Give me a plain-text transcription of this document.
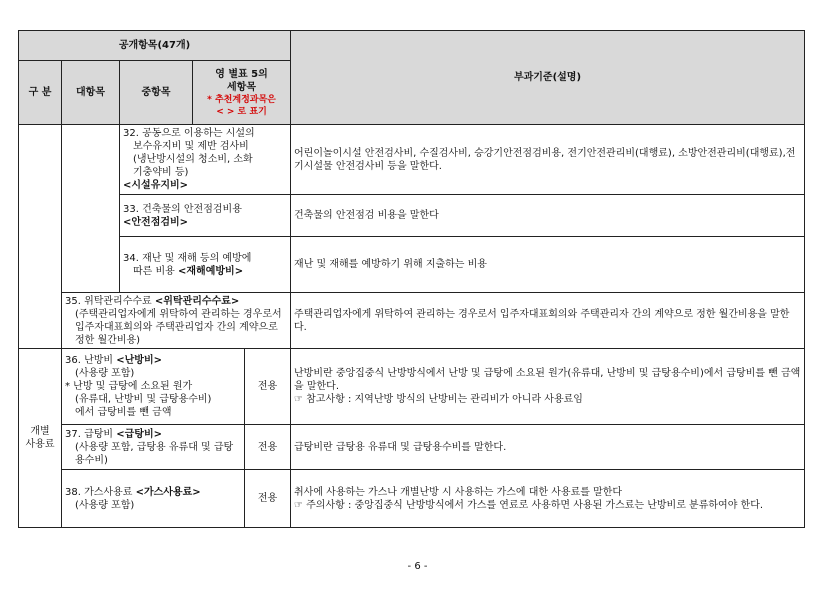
공개항목(47개)					부과기준(설명)
구 분	대항목	중항목	영 별표 5의
세항목
* 추천계정과목은
< > 로 표기		

		32. 공동으로 이용하는 시설의
보수유지비 및 제반 검사비
(냉난방시설의 청소비, 소화
기충약비 등)
<시설유지비>			어린이놀이시설 안전검사비, 수질검사비, 승강기안전점검비용, 전기안전관리비(대행료), 소방안전관리비(대행료),전기시설물 안전검사비 등을 말한다.

		33. 건축물의 안전점검비용
<안전점검비>			건축물의 안전점검 비용을 말한다

		34. 재난 및 재해 등의 예방에
따른 비용 <재해예방비>			재난 및 재해를 예방하기 위해 지출하는 비용
	35. 위탁관리수수료 <위탁관리수수료>
(주택관리업자에게 위탁하여 관리하는 경우로서 입주자대표회의와 주택관리업자 간의 계약으로 정한 월간비용)				주택관리업자에게 위탁하여 관리하는 경우로서 입주자대표회의와 주택관리자 간의 계약으로 정한 월간비용을 말한다.

개별
사용료	36. 난방비 <난방비>
(사용량 포함)
* 난방 및 급탕에 소요된 원가
(유류대, 난방비 및 급탕용수비)
에서 급탕비를 뺀 금액			전용	난방비란 중앙집중식 난방방식에서 난방 및 급탕에 소요된 원가(유류대, 난방비 및 급탕용수비)에서 급탕비를 뺀 금액을 말한다.
☞ 참고사항 : 지역난방 방식의 난방비는 관리비가 아니라 사용료임

	37. 급탕비 <급탕비>
(사용량 포함, 급탕용 유류대 및 급탕용수비)			전용	급탕비란 급탕용 유류대 및 급탕용수비를 말한다.
	38. 가스사용료 <가스사용료>
(사용량 포함)			전용	취사에 사용하는 가스나 개별난방 시 사용하는 가스에 대한 사용료를 말한다
☞ 주의사항 : 중앙집중식 난방방식에서 가스를 연료로 사용하면 사용된 가스료는 난방비로 분류하여야 한다.
- 6 -
